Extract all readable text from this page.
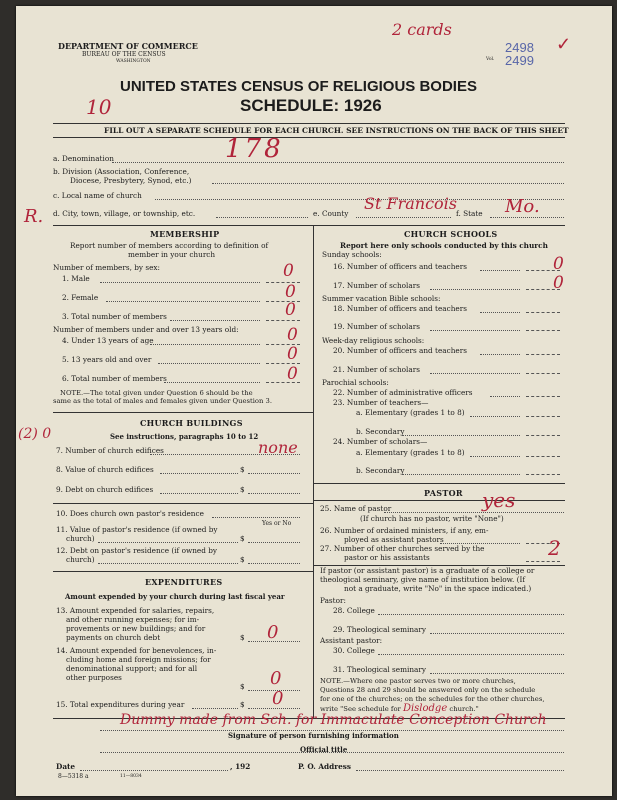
DEPARTMENT OF COMMERCE
BUREAU OF THE CENSUS
WASHINGTON
2 cards
2498 ✓
Vol. 2499
UNITED STATES CENSUS OF RELIGIOUS BODIES
SCHEDULE: 1926
10
FILL OUT A SEPARATE SCHEDULE FOR EACH CHURCH. SEE INSTRUCTIONS ON THE BACK OF THIS SHEET
a. Denomination	178
b. Division (Association, Conference,
Diocese, Presbytery, Synod, etc.)
c. Local name of church
R. d. City, town, village, or township, etc.	e. County
St Francois
f. State Mo.
MEMBERSHIP
Report number of members according to definition of
member in your church
Number of members, by sex:
1. Male	0
2. Female	0
3. Total number of members	0
Number of members under and over 13 years old:
4. Under 13 years of age	0
5. 13 years old and over	0
6. Total number of members	0
NOTE.—The total given under Question 6 should be the
same as the total of males and females given under Question 3.
CHURCH BUILDINGS
(2) 0	See instructions, paragraphs 10 to 12
7. Number of church edifices	none
8. Value of church edifices	$
9. Debt on church edifices	$
10. Does church own pastor's residence
Yes or No
11. Value of pastor's residence (if owned by
church)	$
12. Debt on pastor's residence (if owned by
church)	$
EXPENDITURES
Amount expended by your church during last fiscal year
13. Amount expended for salaries, repairs,
and other running expenses; for im-
provements or new buildings; and for
payments on church debt	$ 0
14. Amount expended for benevolences, in-
cluding home and foreign missions; for
denominational support; and for all
other purposes
$ 0
15. Total expenditures during year	$ 0
CHURCH SCHOOLS
Report here only schools conducted by this church
Sunday schools:
16. Number of officers and teachers	0
17. Number of scholars	0
Summer vacation Bible schools:
18. Number of officers and teachers
19. Number of scholars
Week-day religious schools:
20. Number of officers and teachers
21. Number of scholars
Parochial schools:
22. Number of administrative officers
23. Number of teachers—
a. Elementary (grades 1 to 8)
b. Secondary
24. Number of scholars—
a. Elementary (grades 1 to 8)
b. Secondary
PASTOR
25. Name of pastor	yes
(If church has no pastor, write "None")
26. Number of ordained ministers, if any, em-
ployed as assistant pastors
27. Number of other churches served by the
pastor or his assistants	2
If pastor (or assistant pastor) is a graduate of a college or
theological seminary, give name of institution below. (If
not a graduate, write "No" in the space indicated.)
Pastor:
28. College
29. Theological seminary
Assistant pastor:
30. College
31. Theological seminary
NOTE.—Where one pastor serves two or more churches,
Questions 28 and 29 should be answered only on the schedule
for one of the churches; on the schedules for the other churches,
write "See schedule for Dislodge church."
Dummy made from Sch. for Immaculate Conception Church
Signature of person furnishing information
Official title
Date	, 192	P. O. Address
8—5318 a	11—8034
